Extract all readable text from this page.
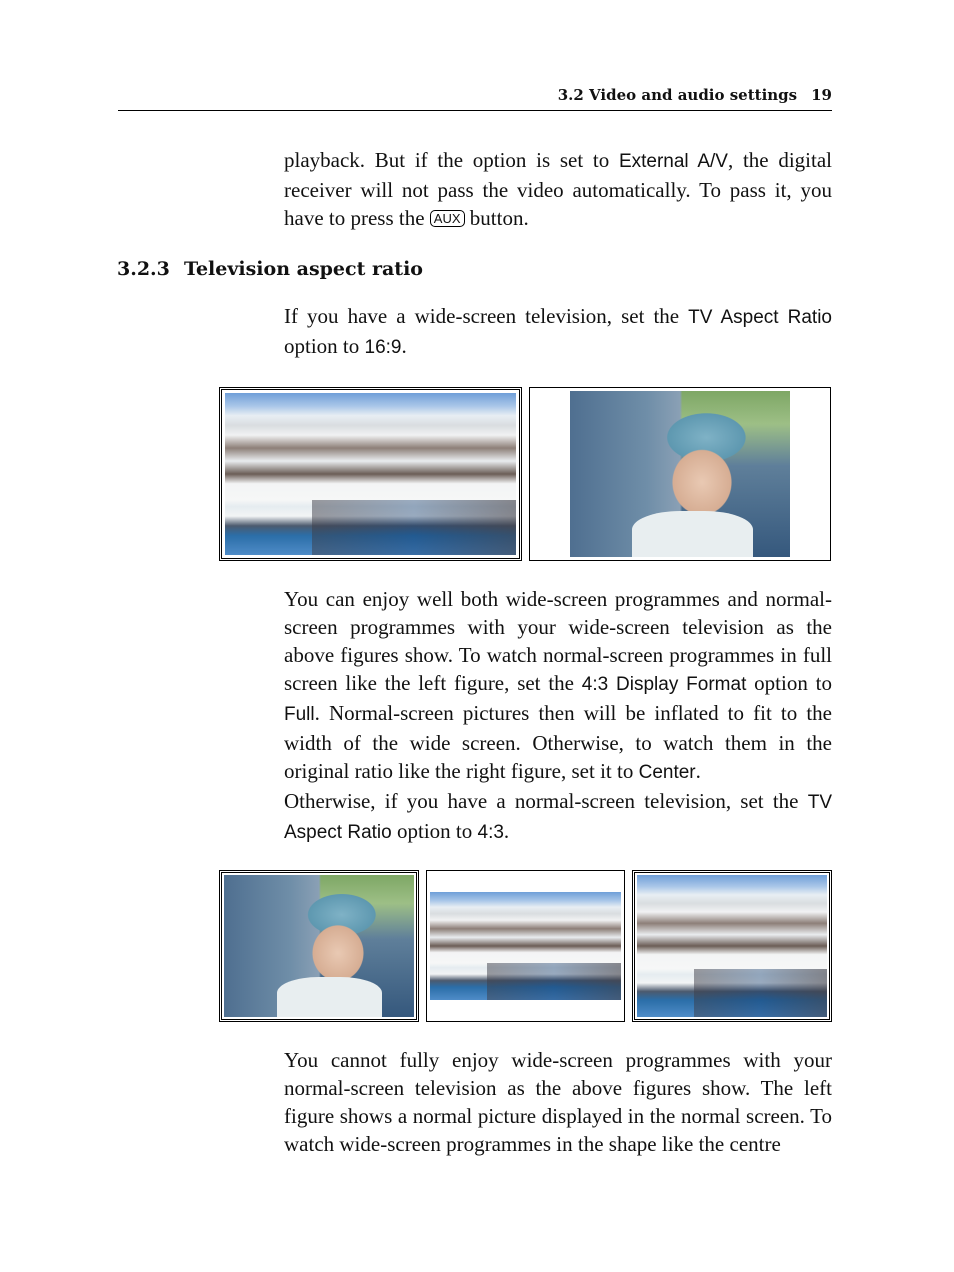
3.2 Video and audio settings 19

playback. But if the option is set to External A/V, the digital receiver will not pass the video automatically. To pass it, you have to press the AUX button.

3.2.3 Television aspect ratio

If you have a wide-screen television, set the TV Aspect Ratio option to 16:9.

You can enjoy well both wide-screen programmes and normal-screen programmes with your wide-screen television as the above figures show. To watch normal-screen programmes in full screen like the left figure, set the 4:3 Display Format option to Full. Normal-screen pictures then will be inflated to fit to the width of the wide screen. Otherwise, to watch them in the original ratio like the right figure, set it to Center.

Otherwise, if you have a normal-screen television, set the TV Aspect Ratio option to 4:3.

You cannot fully enjoy wide-screen programmes with your normal-screen television as the above figures show. The left figure shows a normal picture displayed in the normal screen. To watch wide-screen programmes in the shape like the centre
